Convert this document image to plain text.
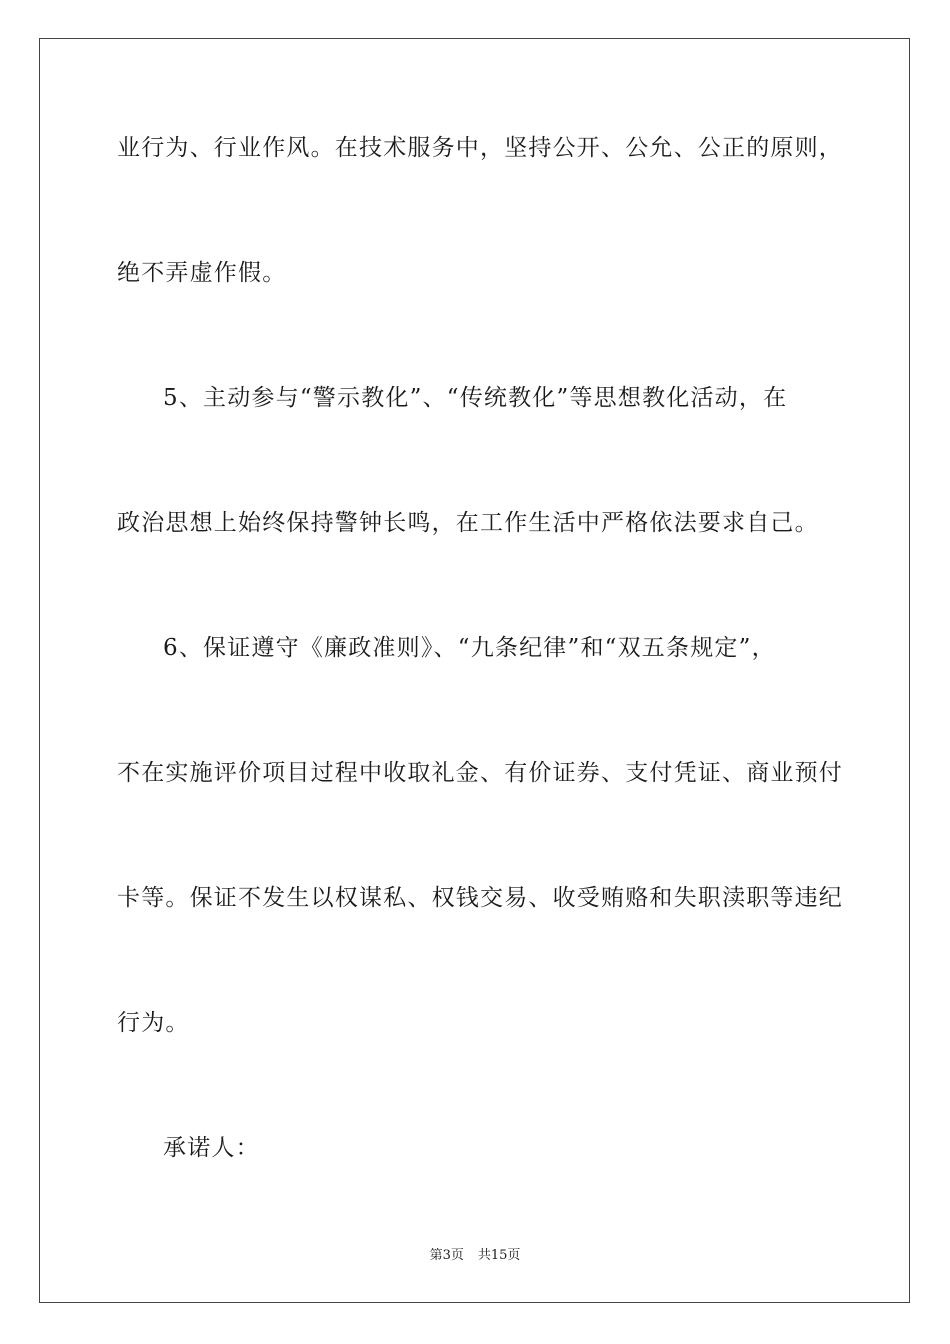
业行为、行业作风。在技术服务中，坚持公开、公允、公正的原则，
绝不弄虚作假。
5、主动参与“警示教化”、“传统教化”等思想教化活动，在
政治思想上始终保持警钟长鸣，在工作生活中严格依法要求自己。
6、保证遵守《廉政准则》、“九条纪律”和“双五条规定”，
不在实施评价项目过程中收取礼金、有价证券、支付凭证、商业预付
卡等。保证不发生以权谋私、权钱交易、收受贿赂和失职渎职等违纪
行为。
承诺人：
第3页 共15页
